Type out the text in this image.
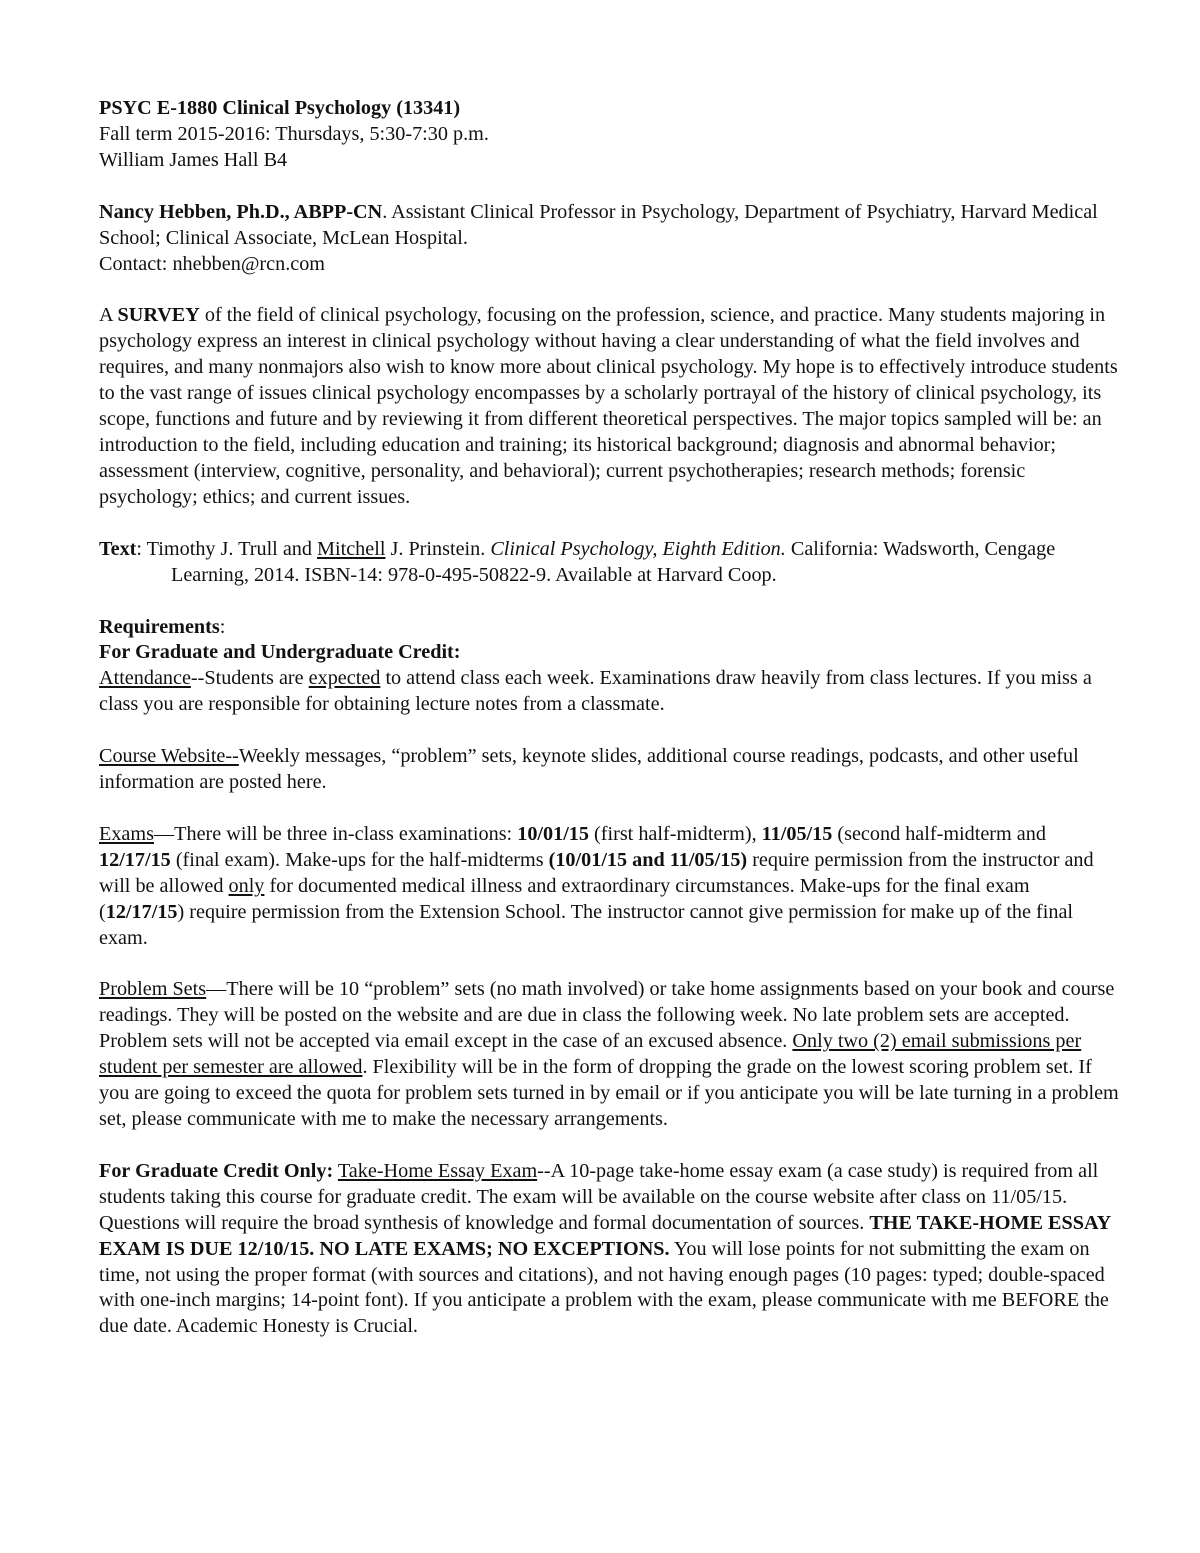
PSYC E-1880 Clinical Psychology (13341)
Fall term 2015-2016: Thursdays, 5:30-7:30 p.m.
William James Hall B4

Nancy Hebben, Ph.D., ABPP-CN. Assistant Clinical Professor in Psychology, Department of Psychiatry, Harvard Medical School; Clinical Associate, McLean Hospital.
Contact: nhebben@rcn.com

A SURVEY of the field of clinical psychology, focusing on the profession, science, and practice. Many students majoring in psychology express an interest in clinical psychology without having a clear understanding of what the field involves and requires, and many nonmajors also wish to know more about clinical psychology. My hope is to effectively introduce students to the vast range of issues clinical psychology encompasses by a scholarly portrayal of the history of clinical psychology, its scope, functions and future and by reviewing it from different theoretical perspectives. The major topics sampled will be: an introduction to the field, including education and training; its historical background; diagnosis and abnormal behavior; assessment (interview, cognitive, personality, and behavioral); current psychotherapies; research methods; forensic psychology; ethics; and current issues.

Text: Timothy J. Trull and Mitchell J. Prinstein. Clinical Psychology, Eighth Edition. California: Wadsworth, Cengage Learning, 2014. ISBN-14: 978-0-495-50822-9. Available at Harvard Coop.

Requirements:
For Graduate and Undergraduate Credit:
Attendance--Students are expected to attend class each week. Examinations draw heavily from class lectures. If you miss a class you are responsible for obtaining lecture notes from a classmate.

Course Website--Weekly messages, “problem” sets, keynote slides, additional course readings, podcasts, and other useful information are posted here.

Exams—There will be three in-class examinations: 10/01/15 (first half-midterm), 11/05/15 (second half-midterm and 12/17/15 (final exam). Make-ups for the half-midterms (10/01/15 and 11/05/15) require permission from the instructor and will be allowed only for documented medical illness and extraordinary circumstances. Make-ups for the final exam (12/17/15) require permission from the Extension School. The instructor cannot give permission for make up of the final exam.

Problem Sets—There will be 10 “problem” sets (no math involved) or take home assignments based on your book and course readings. They will be posted on the website and are due in class the following week. No late problem sets are accepted. Problem sets will not be accepted via email except in the case of an excused absence. Only two (2) email submissions per student per semester are allowed. Flexibility will be in the form of dropping the grade on the lowest scoring problem set. If you are going to exceed the quota for problem sets turned in by email or if you anticipate you will be late turning in a problem set, please communicate with me to make the necessary arrangements.

For Graduate Credit Only: Take-Home Essay Exam--A 10-page take-home essay exam (a case study) is required from all students taking this course for graduate credit. The exam will be available on the course website after class on 11/05/15. Questions will require the broad synthesis of knowledge and formal documentation of sources. THE TAKE-HOME ESSAY EXAM IS DUE 12/10/15. NO LATE EXAMS; NO EXCEPTIONS. You will lose points for not submitting the exam on time, not using the proper format (with sources and citations), and not having enough pages (10 pages: typed; double-spaced with one-inch margins; 14-point font). If you anticipate a problem with the exam, please communicate with me BEFORE the due date. Academic Honesty is Crucial.
